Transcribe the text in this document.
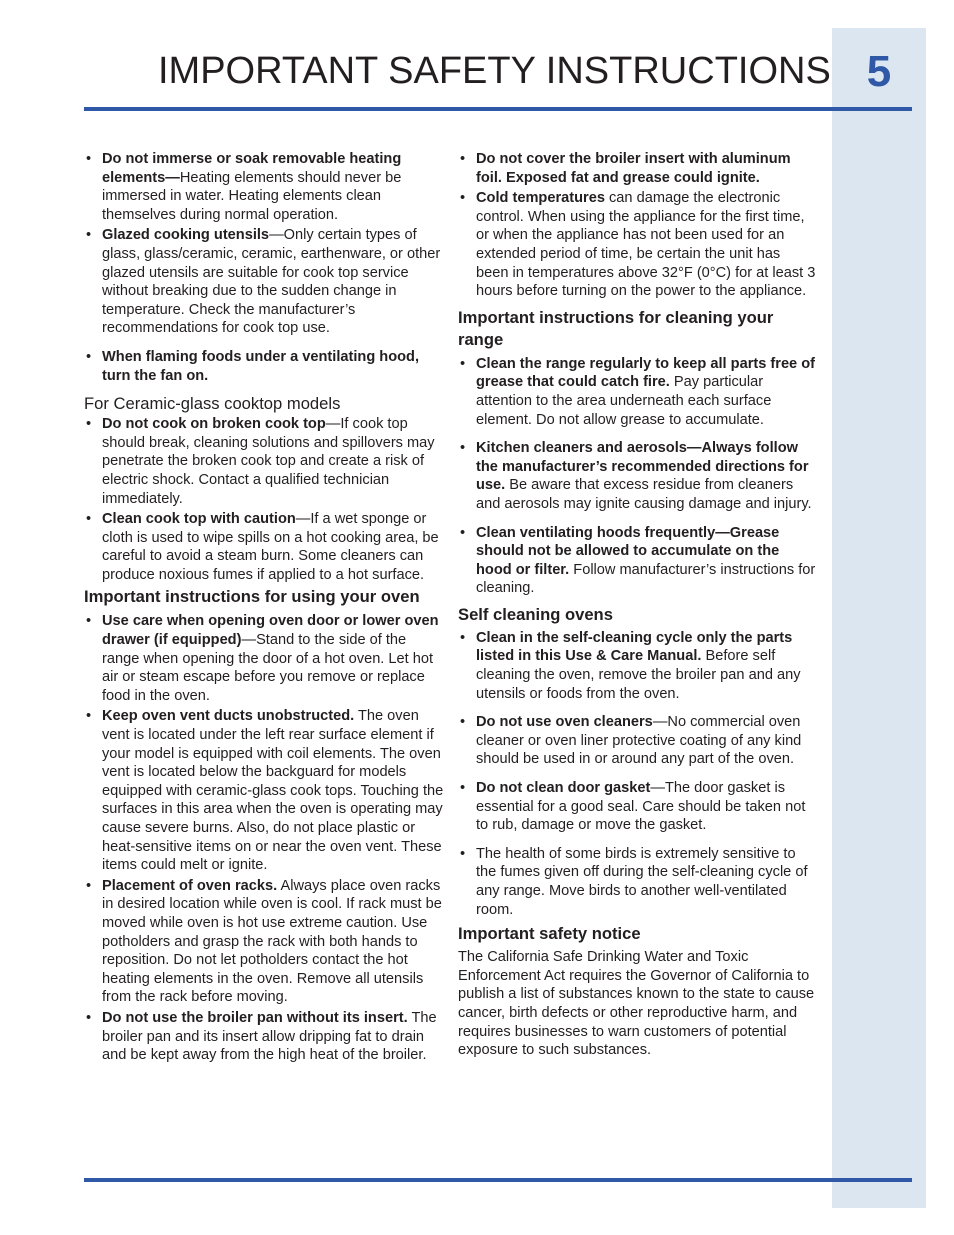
5
IMPORTANT SAFETY INSTRUCTIONS

• Do not immerse or soak removable heating elements—Heating elements should never be immersed in water. Heating elements clean themselves during normal operation.

• Glazed cooking utensils—Only certain types of glass, glass/ceramic, ceramic, earthenware, or other glazed utensils are suitable for cook top service without breaking due to the sudden change in temperature. Check the manufacturer’s recommendations for cook top use.

• When flaming foods under a ventilating hood, turn the fan on.

For Ceramic-glass cooktop models

• Do not cook on broken cook top—If cook top should break, cleaning solutions and spillovers may penetrate the broken cook top and create a risk of electric shock. Contact a qualified technician immediately.

• Clean cook top with caution—If a wet sponge or cloth is used to wipe spills on a hot cooking area, be careful to avoid a steam burn. Some cleaners can produce noxious fumes if applied to a hot surface.

Important instructions for using your oven

• Use care when opening oven door or lower oven drawer (if equipped)—Stand to the side of the range when opening the door of a hot oven. Let hot air or steam escape before you remove or replace food in the oven.

• Keep oven vent ducts unobstructed. The oven vent is located under the left rear surface element if your model is equipped with coil elements. The oven vent is located below the backguard for models equipped with ceramic-glass cook tops. Touching the surfaces in this area when the oven is operating may cause severe burns. Also, do not place plastic or heat-sensitive items on or near the oven vent. These items could melt or ignite.

• Placement of oven racks. Always place oven racks in desired location while oven is cool. If rack must be moved while oven is hot use extreme caution. Use potholders and grasp the rack with both hands to reposition. Do not let potholders contact the hot heating elements in the oven. Remove all utensils from the rack before moving.

• Do not use the broiler pan without its insert. The broiler pan and its insert allow dripping fat to drain and be kept away from the high heat of the broiler.

• Do not cover the broiler insert with aluminum foil. Exposed fat and grease could ignite.

• Cold temperatures can damage the electronic control. When using the appliance for the first time, or when the appliance has not been used for an extended period of time, be certain the unit has been in temperatures above 32°F (0°C) for at least 3 hours before turning on the power to the appliance.

Important instructions for cleaning your range

• Clean the range regularly to keep all parts free of grease that could catch fire. Pay particular attention to the area underneath each surface element. Do not allow grease to accumulate.

• Kitchen cleaners and aerosols—Always follow the manufacturer’s recommended directions for use. Be aware that excess residue from cleaners and aerosols may ignite causing damage and injury.

• Clean ventilating hoods frequently—Grease should not be allowed to accumulate on the hood or filter. Follow manufacturer’s instructions for cleaning.

Self cleaning ovens

• Clean in the self-cleaning cycle only the parts listed in this Use & Care Manual. Before self cleaning the oven, remove the broiler pan and any utensils or foods from the oven.

• Do not use oven cleaners—No commercial oven cleaner or oven liner protective coating of any kind should be used in or around any part of the oven.

• Do not clean door gasket—The door gasket is essential for a good seal. Care should be taken not to rub, damage or move the gasket.

• The health of some birds is extremely sensitive to the fumes given off during the self-cleaning cycle of any range. Move birds to another well-ventilated room.

Important safety notice

The California Safe Drinking Water and Toxic Enforcement Act requires the Governor of California to publish a list of substances known to the state to cause cancer, birth defects or other reproductive harm, and requires businesses to warn customers of potential exposure to such substances.
